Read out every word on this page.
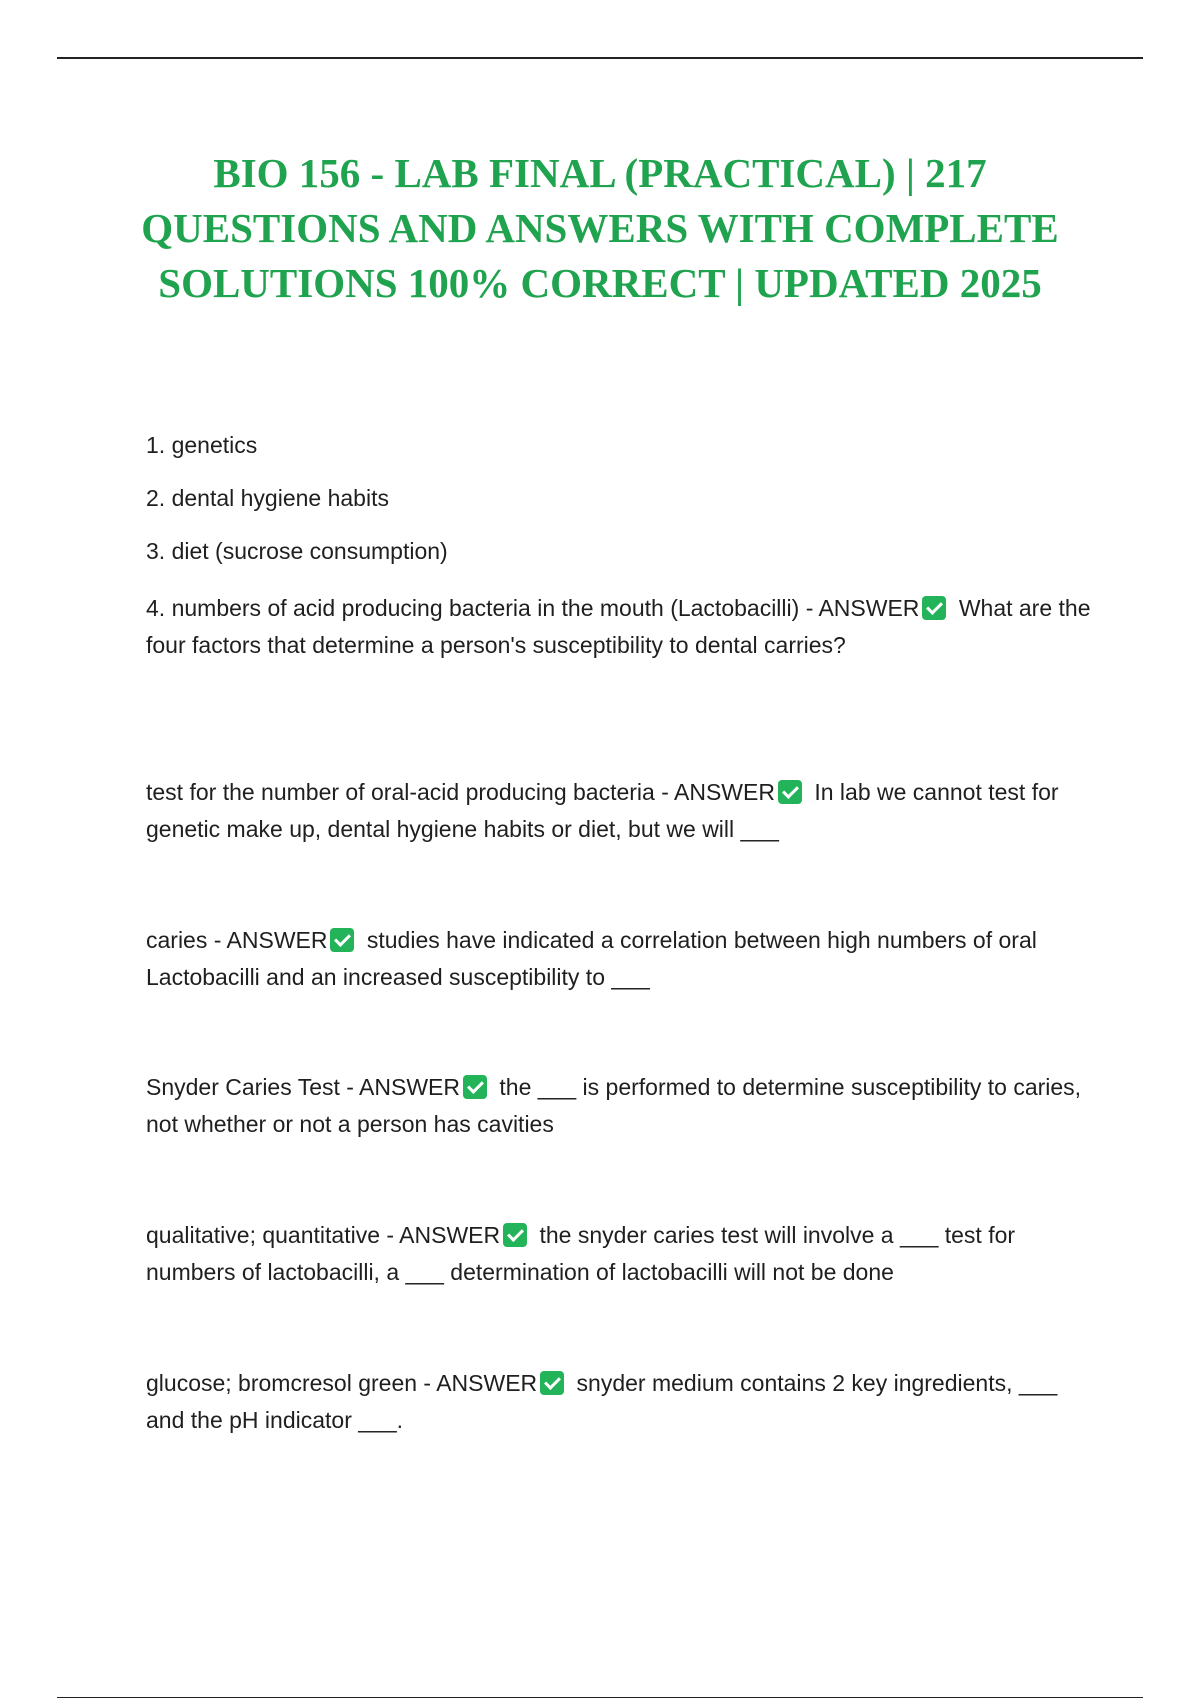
BIO 156 - LAB FINAL (PRACTICAL) | 217 QUESTIONS AND ANSWERS WITH COMPLETE SOLUTIONS 100% CORRECT | UPDATED 2025
1. genetics
2. dental hygiene habits
3. diet (sucrose consumption)
4. numbers of acid producing bacteria in the mouth (Lactobacilli) - ANSWER What are the four factors that determine a person's susceptibility to dental carries?
test for the number of oral-acid producing bacteria - ANSWER In lab we cannot test for genetic make up, dental hygiene habits or diet, but we will ___
caries - ANSWER studies have indicated a correlation between high numbers of oral Lactobacilli and an increased susceptibility to ___
Snyder Caries Test - ANSWER the ___ is performed to determine susceptibility to caries, not whether or not a person has cavities
qualitative; quantitative - ANSWER the snyder caries test will involve a ___ test for numbers of lactobacilli, a ___ determination of lactobacilli will not be done
glucose; bromcresol green - ANSWER snyder medium contains 2 key ingredients, ___ and the pH indicator ___.
